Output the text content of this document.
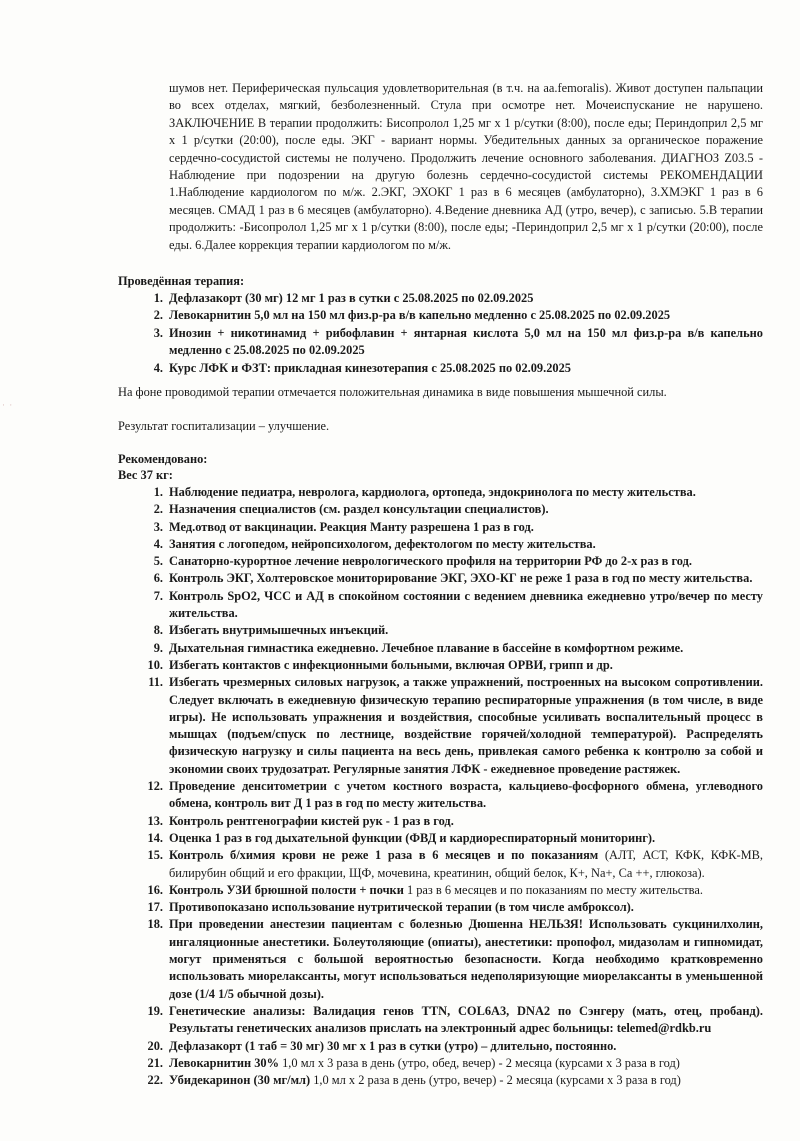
· ·

шумов нет. Периферическая пульсация удовлетворительная (в т.ч. на aa.femoralis). Живот доступен пальпации во всех отделах, мягкий, безболезненный. Стула при осмотре нет. Мочеиспускание не нарушено. ЗАКЛЮЧЕНИЕ В терапии продолжить: Бисопролол 1,25 мг х 1 р/сутки (8:00), после еды; Периндоприл 2,5 мг х 1 р/сутки (20:00), после еды. ЭКГ - вариант нормы. Убедительных данных за органическое поражение сердечно-сосудистой системы не получено. Продолжить лечение основного заболевания. ДИАГНОЗ Z03.5 - Наблюдение при подозрении на другую болезнь сердечно-сосудистой системы РЕКОМЕНДАЦИИ 1.Наблюдение кардиологом по м/ж. 2.ЭКГ, ЭХОКГ 1 раз в 6 месяцев (амбулаторно), 3.ХМЭКГ 1 раз в 6 месяцев. СМАД 1 раз в 6 месяцев (амбулаторно). 4.Ведение дневника АД (утро, вечер), с записью. 5.В терапии продолжить: -Бисопролол 1,25 мг х 1 р/сутки (8:00), после еды; -Периндоприл 2,5 мг х 1 р/сутки (20:00), после еды. 6.Далее коррекция терапии кардиологом по м/ж.

Проведённая терапия:

1. Дефлазакорт (30 мг) 12 мг 1 раз в сутки с 25.08.2025 по 02.09.2025
2. Левокарнитин 5,0 мл на 150 мл физ.р-ра в/в капельно медленно с 25.08.2025 по 02.09.2025
3. Инозин + никотинамид + рибофлавин + янтарная кислота 5,0 мл на 150 мл физ.р-ра в/в капельно медленно с 25.08.2025 по 02.09.2025
4. Курс ЛФК и ФЗТ: прикладная кинезотерапия с 25.08.2025 по 02.09.2025

На фоне проводимой терапии отмечается положительная динамика в виде повышения мышечной силы.

Результат госпитализации – улучшение.

Рекомендовано:

Вес 37 кг:

1. Наблюдение педиатра, невролога, кардиолога, ортопеда, эндокринолога по месту жительства.
2. Назначения специалистов (см. раздел консультации специалистов).
3. Мед.отвод от вакцинации. Реакция Манту разрешена 1 раз в год.
4. Занятия с логопедом, нейропсихологом, дефектологом по месту жительства.
5. Санаторно-курортное лечение неврологического профиля на территории РФ до 2-х раз в год.
6. Контроль ЭКГ, Холтеровское мониторирование ЭКГ, ЭХО-КГ не реже 1 раза в год по месту жительства.
7. Контроль SpO2, ЧСС и АД в спокойном состоянии с ведением дневника ежедневно утро/вечер по месту жительства.
8. Избегать внутримышечных инъекций.
9. Дыхательная гимнастика ежедневно. Лечебное плавание в бассейне в комфортном режиме.
10. Избегать контактов с инфекционными больными, включая ОРВИ, грипп и др.
11. Избегать чрезмерных силовых нагрузок, а также упражнений, построенных на высоком сопротивлении. Следует включать в ежедневную физическую терапию респираторные упражнения (в том числе, в виде игры). Не использовать упражнения и воздействия, способные усиливать воспалительный процесс в мышцах (подъем/спуск по лестнице, воздействие горячей/холодной температурой). Распределять физическую нагрузку и силы пациента на весь день, привлекая самого ребенка к контролю за собой и экономии своих трудозатрат. Регулярные занятия ЛФК - ежедневное проведение растяжек.
12. Проведение денситометрии с учетом костного возраста, кальциево-фосфорного обмена, углеводного обмена, контроль вит Д 1 раз в год по месту жительства.
13. Контроль рентгенографии кистей рук - 1 раз в год.
14. Оценка 1 раз в год дыхательной функции (ФВД и кардиореспираторный мониторинг).
15. Контроль б/химия крови не реже 1 раза в 6 месяцев и по показаниям (АЛТ, АСТ, КФК, КФК-МВ, билирубин общий и его фракции, ЩФ, мочевина, креатинин, общий белок, К+, Na+, Ca ++, глюкоза).
16. Контроль УЗИ брюшной полости + почки 1 раз в 6 месяцев и по показаниям по месту жительства.
17. Противопоказано использование нутритической терапии (в том числе амброксол).
18. При проведении анестезии пациентам с болезнью Дюшенна НЕЛЬЗЯ! Использовать сукцинилхолин, ингаляционные анестетики. Болеутоляющие (опиаты), анестетики: пропофол, мидазолам и гипномидат, могут применяться с большой вероятностью безопасности. Когда необходимо кратковременно использовать миорелаксанты, могут использоваться недеполяризующие миорелаксанты в уменьшенной дозе (1/4 1/5 обычной дозы).
19. Генетические анализы: Валидация генов TTN, COL6A3, DNA2 по Сэнгеру (мать, отец, пробанд). Результаты генетических анализов прислать на электронный адрес больницы: telemed@rdkb.ru
20. Дефлазакорт (1 таб = 30 мг) 30 мг х 1 раз в сутки (утро) – длительно, постоянно.
21. Левокарнитин 30% 1,0 мл х 3 раза в день (утро, обед, вечер) - 2 месяца (курсами х 3 раза в год)
22. Убидекаринон (30 мг/мл) 1,0 мл х 2 раза в день (утро, вечер) - 2 месяца (курсами х 3 раза в год)
